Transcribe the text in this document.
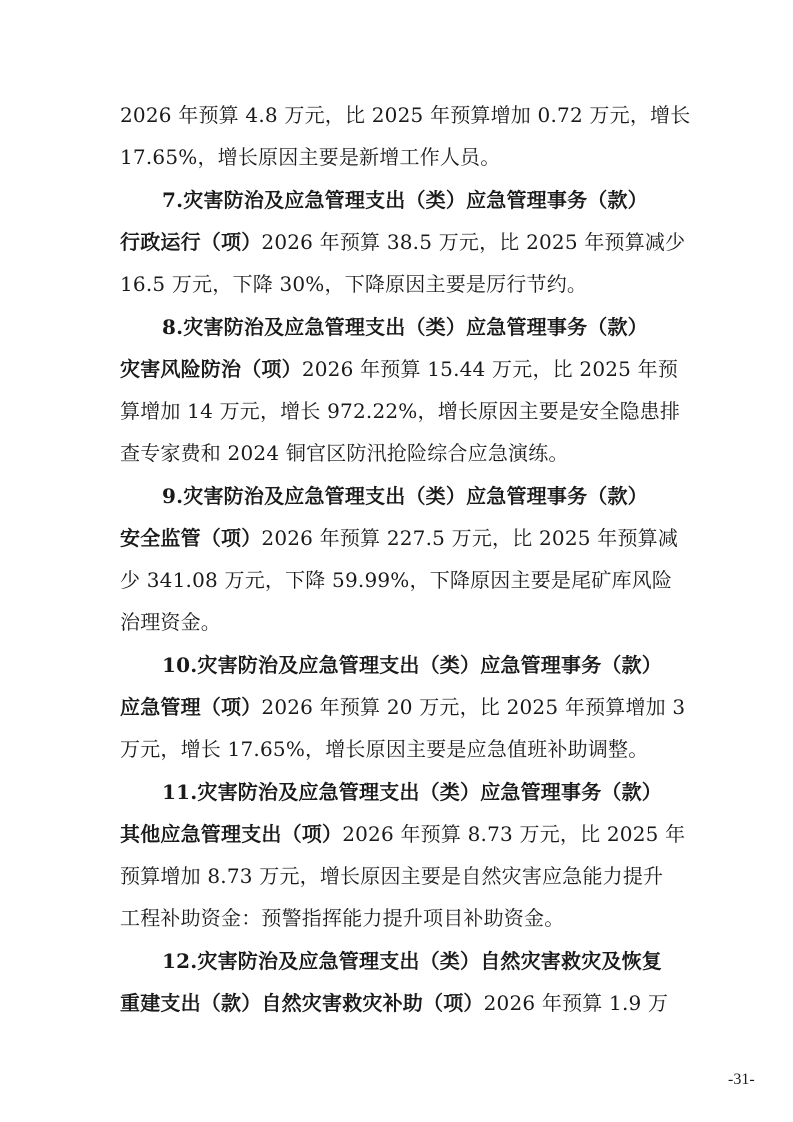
2026 年预算 4.8 万元，比 2025 年预算增加 0.72 万元，增长
17.65%，增长原因主要是新增工作人员。
7.灾害防治及应急管理支出（类）应急管理事务（款）
行政运行（项）2026 年预算 38.5 万元，比 2025 年预算减少
16.5 万元，下降 30%，下降原因主要是厉行节约。
8.灾害防治及应急管理支出（类）应急管理事务（款）
灾害风险防治（项）2026 年预算 15.44 万元，比 2025 年预
算增加 14 万元，增长 972.22%，增长原因主要是安全隐患排
查专家费和 2024 铜官区防汛抢险综合应急演练。
9.灾害防治及应急管理支出（类）应急管理事务（款）
安全监管（项）2026 年预算 227.5 万元，比 2025 年预算减
少 341.08 万元，下降 59.99%，下降原因主要是尾矿库风险
治理资金。
10.灾害防治及应急管理支出（类）应急管理事务（款）
应急管理（项）2026 年预算 20 万元，比 2025 年预算增加 3
万元，增长 17.65%，增长原因主要是应急值班补助调整。
11.灾害防治及应急管理支出（类）应急管理事务（款）
其他应急管理支出（项）2026 年预算 8.73 万元，比 2025 年
预算增加 8.73 万元，增长原因主要是自然灾害应急能力提升
工程补助资金：预警指挥能力提升项目补助资金。
12.灾害防治及应急管理支出（类）自然灾害救灾及恢复
重建支出（款）自然灾害救灾补助（项）2026 年预算 1.9 万
-31-
